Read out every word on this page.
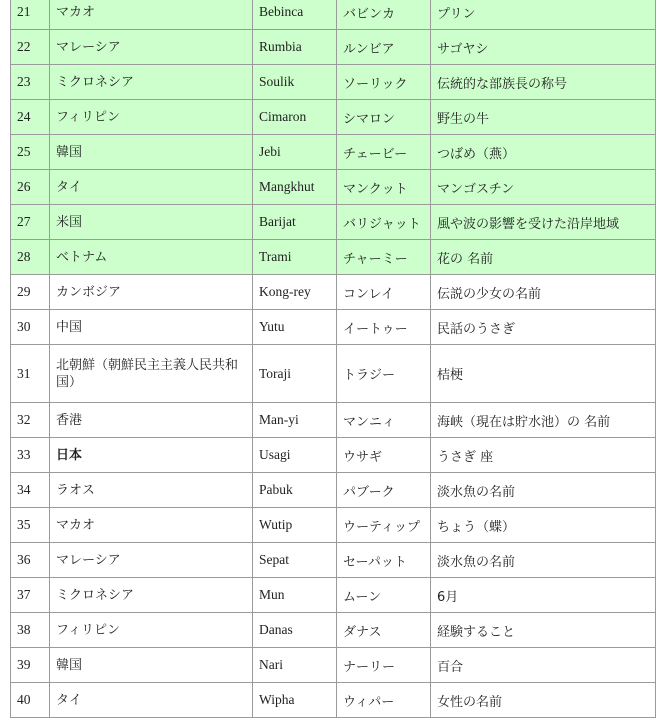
21	マカオ	Bebinca	バビンカ	プリン
22	マレーシア	Rumbia	ルンビア	サゴヤシ
23	ミクロネシア	Soulik	ソーリック	伝統的な部族長の称号
24	フィリピン	Cimaron	シマロン	野生の牛
25	韓国	Jebi	チェービー	つばめ（燕）
26	タイ	Mangkhut	マンクット	マンゴスチン
27	米国	Barijat	バリジャット	風や波の影響を受けた沿岸地域
28	ベトナム	Trami	チャーミー	花の 名前
29	カンボジア	Kong-rey	コンレイ	伝説の少女の名前
30	中国	Yutu	イートゥー	民話のうさぎ
31	北朝鮮（朝鮮民主主義人民共和国）	Toraji	トラジー	桔梗
32	香港	Man-yi	マンニィ	海峡（現在は貯水池）の 名前
33	日本	Usagi	ウサギ	うさぎ 座
34	ラオス	Pabuk	パブーク	淡水魚の名前
35	マカオ	Wutip	ウーティップ	ちょう（蝶）
36	マレーシア	Sepat	セーパット	淡水魚の名前
37	ミクロネシア	Mun	ムーン	6月
38	フィリピン	Danas	ダナス	経験すること
39	韓国	Nari	ナーリー	百合
40	タイ	Wipha	ウィパー	女性の名前
